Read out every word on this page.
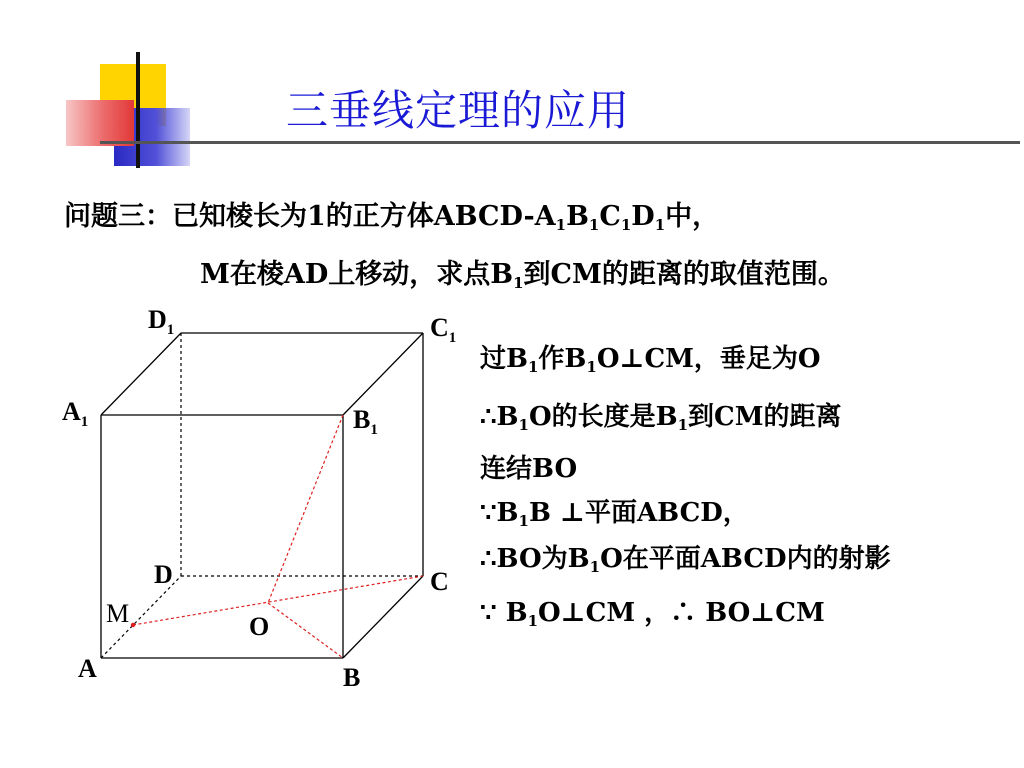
三垂线定理的应用
问题三：已知棱长为1的正方体ABCD-$A_1B_1C_1D_1$中，
M在棱AD上移动，求点$B_1$到CM的距离的取值范围。
$D_1$	$C_1$
$A_1$	$B_1$
D	C
O
A	B
M
过$B_1$作$B_1O\perp CM$，垂足为O
$\therefore B_1O$的长度是$B_1$到CM的距离
连结BO
$\because B_1B$ ⊥平面ABCD，
∴BO为$B_1O$在平面ABCD内的射影
∵ $B_1O\perp CM$ ，∴ BO⊥CM
